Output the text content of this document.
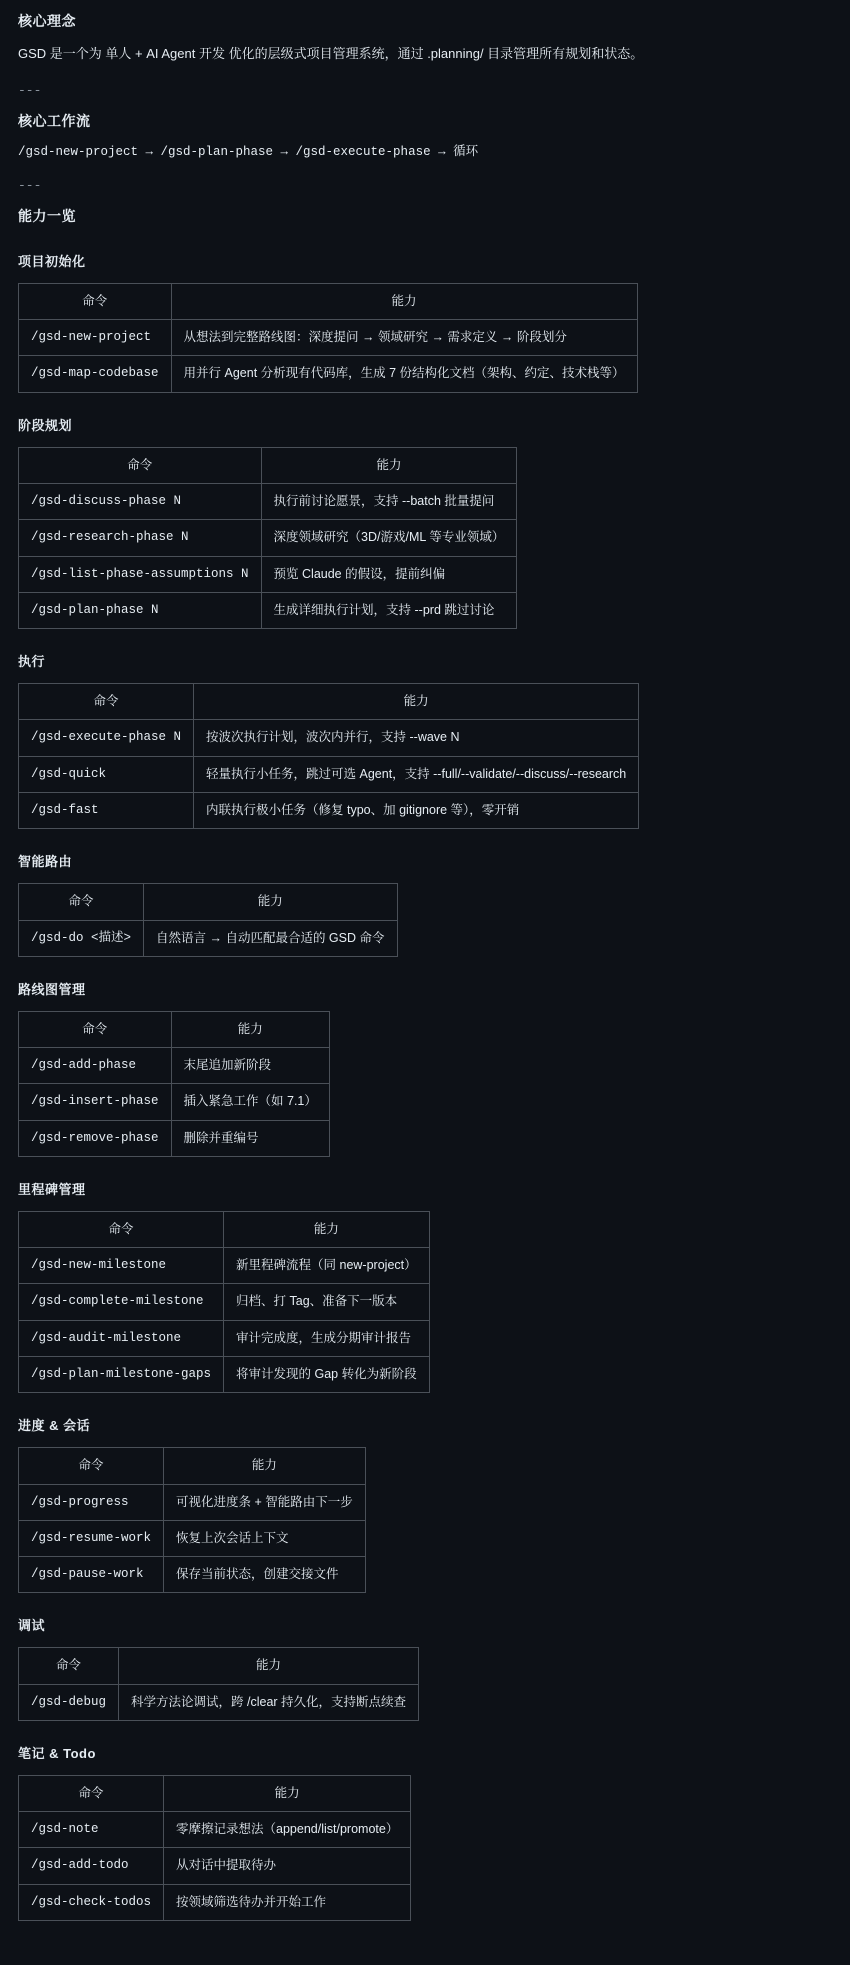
核心理念

GSD 是一个为 单人 + AI Agent 开发 优化的层级式项目管理系统，通过 .planning/ 目录管理所有规划和状态。

---
核心工作流
/gsd-new-project → /gsd-plan-phase → /gsd-execute-phase → 循环
---
能力一览
项目初始化
命令	能力
/gsd-new-project	从想法到完整路线图：深度提问 → 领域研究 → 需求定义 → 阶段划分
/gsd-map-codebase	用并行 Agent 分析现有代码库，生成 7 份结构化文档（架构、约定、技术栈等）
阶段规划
命令	能力
/gsd-discuss-phase N	执行前讨论愿景，支持 --batch 批量提问
/gsd-research-phase N	深度领域研究（3D/游戏/ML 等专业领域）
/gsd-list-phase-assumptions N	预览 Claude 的假设，提前纠偏
/gsd-plan-phase N	生成详细执行计划，支持 --prd 跳过讨论
执行
命令	能力
/gsd-execute-phase N	按波次执行计划，波次内并行，支持 --wave N
/gsd-quick	轻量执行小任务，跳过可选 Agent，支持 --full/--validate/--discuss/--research
/gsd-fast	内联执行极小任务（修复 typo、加 gitignore 等），零开销
智能路由
命令	能力
/gsd-do <描述>	自然语言 → 自动匹配最合适的 GSD 命令
路线图管理
命令	能力
/gsd-add-phase	末尾追加新阶段
/gsd-insert-phase	插入紧急工作（如 7.1）
/gsd-remove-phase	删除并重编号
里程碑管理
命令	能力
/gsd-new-milestone	新里程碑流程（同 new-project）
/gsd-complete-milestone	归档、打 Tag、准备下一版本
/gsd-audit-milestone	审计完成度，生成分期审计报告
/gsd-plan-milestone-gaps	将审计发现的 Gap 转化为新阶段
进度 & 会话
命令	能力
/gsd-progress	可视化进度条 + 智能路由下一步
/gsd-resume-work	恢复上次会话上下文
/gsd-pause-work	保存当前状态，创建交接文件
调试
命令	能力
/gsd-debug	科学方法论调试，跨 /clear 持久化，支持断点续查
笔记 & Todo
命令	能力
/gsd-note	零摩擦记录想法（append/list/promote）
/gsd-add-todo	从对话中提取待办
/gsd-check-todos	按领域筛选待办并开始工作
